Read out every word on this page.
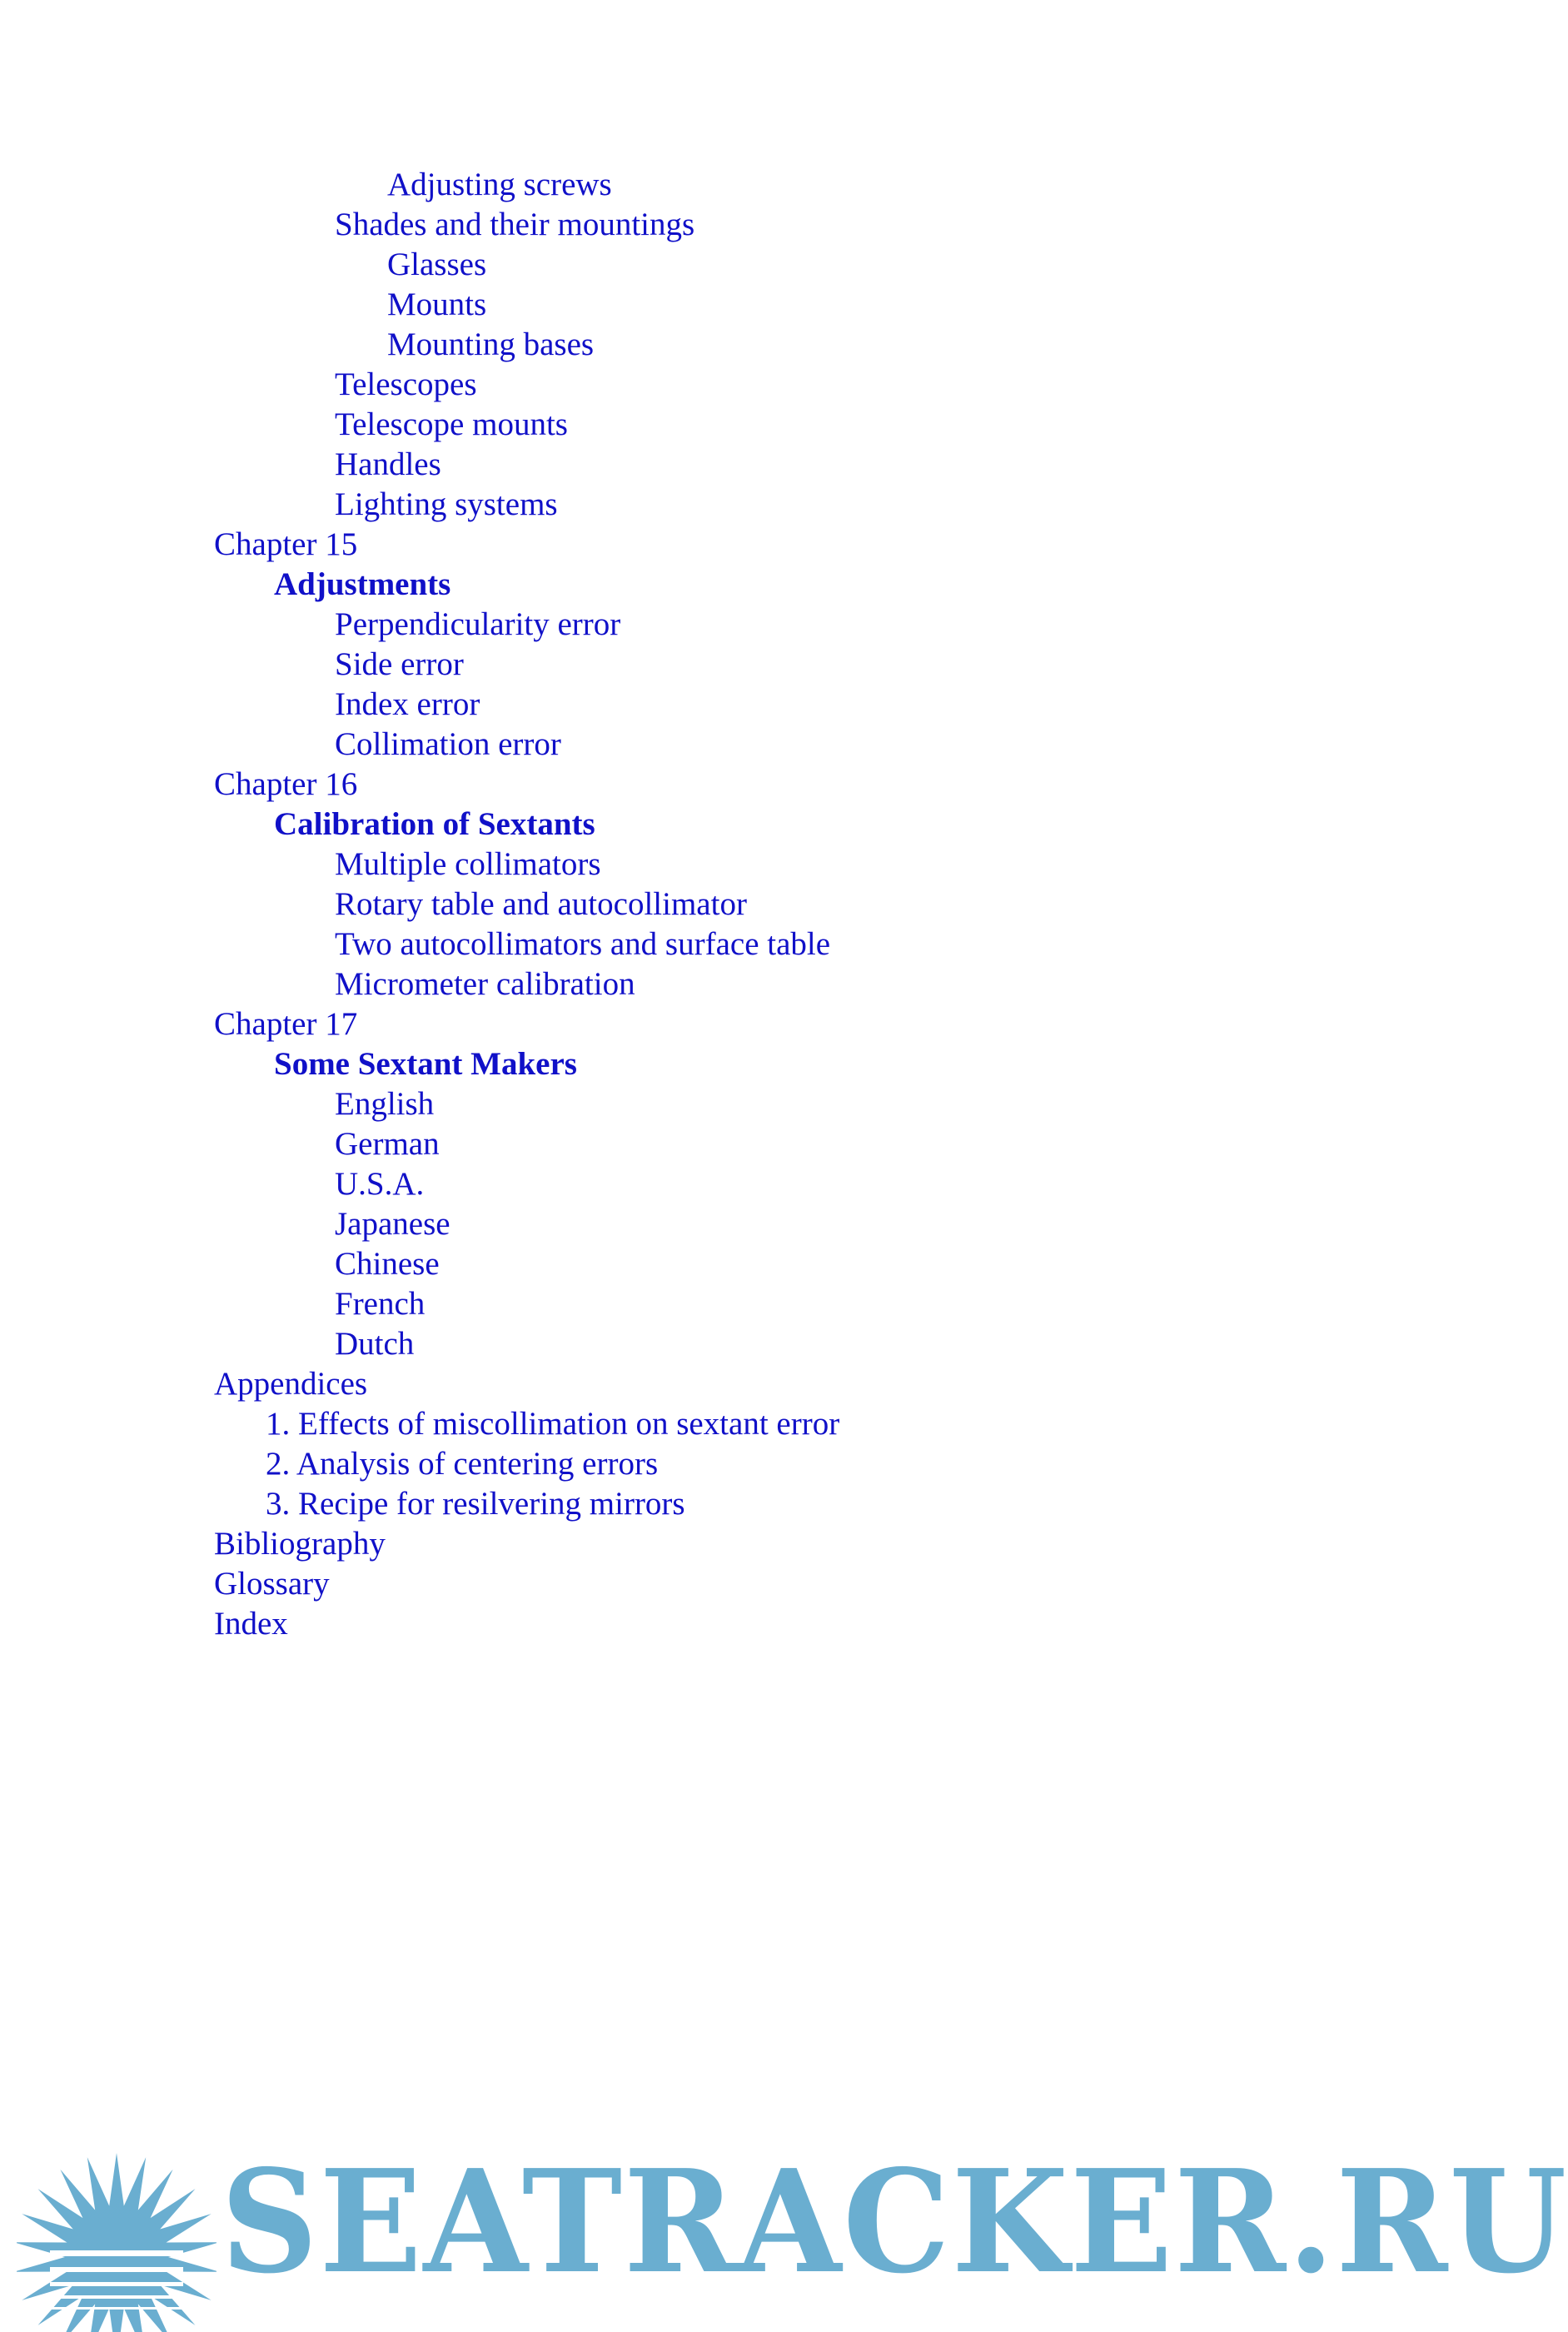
Adjusting screws
Shades and their mountings
Glasses
Mounts
Mounting bases
Telescopes
Telescope mounts
Handles
Lighting systems
Chapter 15
Adjustments
Perpendicularity error
Side error
Index error
Collimation error
Chapter 16
Calibration of Sextants
Multiple collimators
Rotary table and autocollimator
Two autocollimators and surface table
Micrometer calibration
Chapter 17
Some Sextant Makers
English
German
U.S.A.
Japanese
Chinese
French
Dutch
Appendices
1. Effects of miscollimation on sextant error
2. Analysis of centering errors
3. Recipe for resilvering mirrors
Bibliography
Glossary
Index
SEATRACKER.RU
